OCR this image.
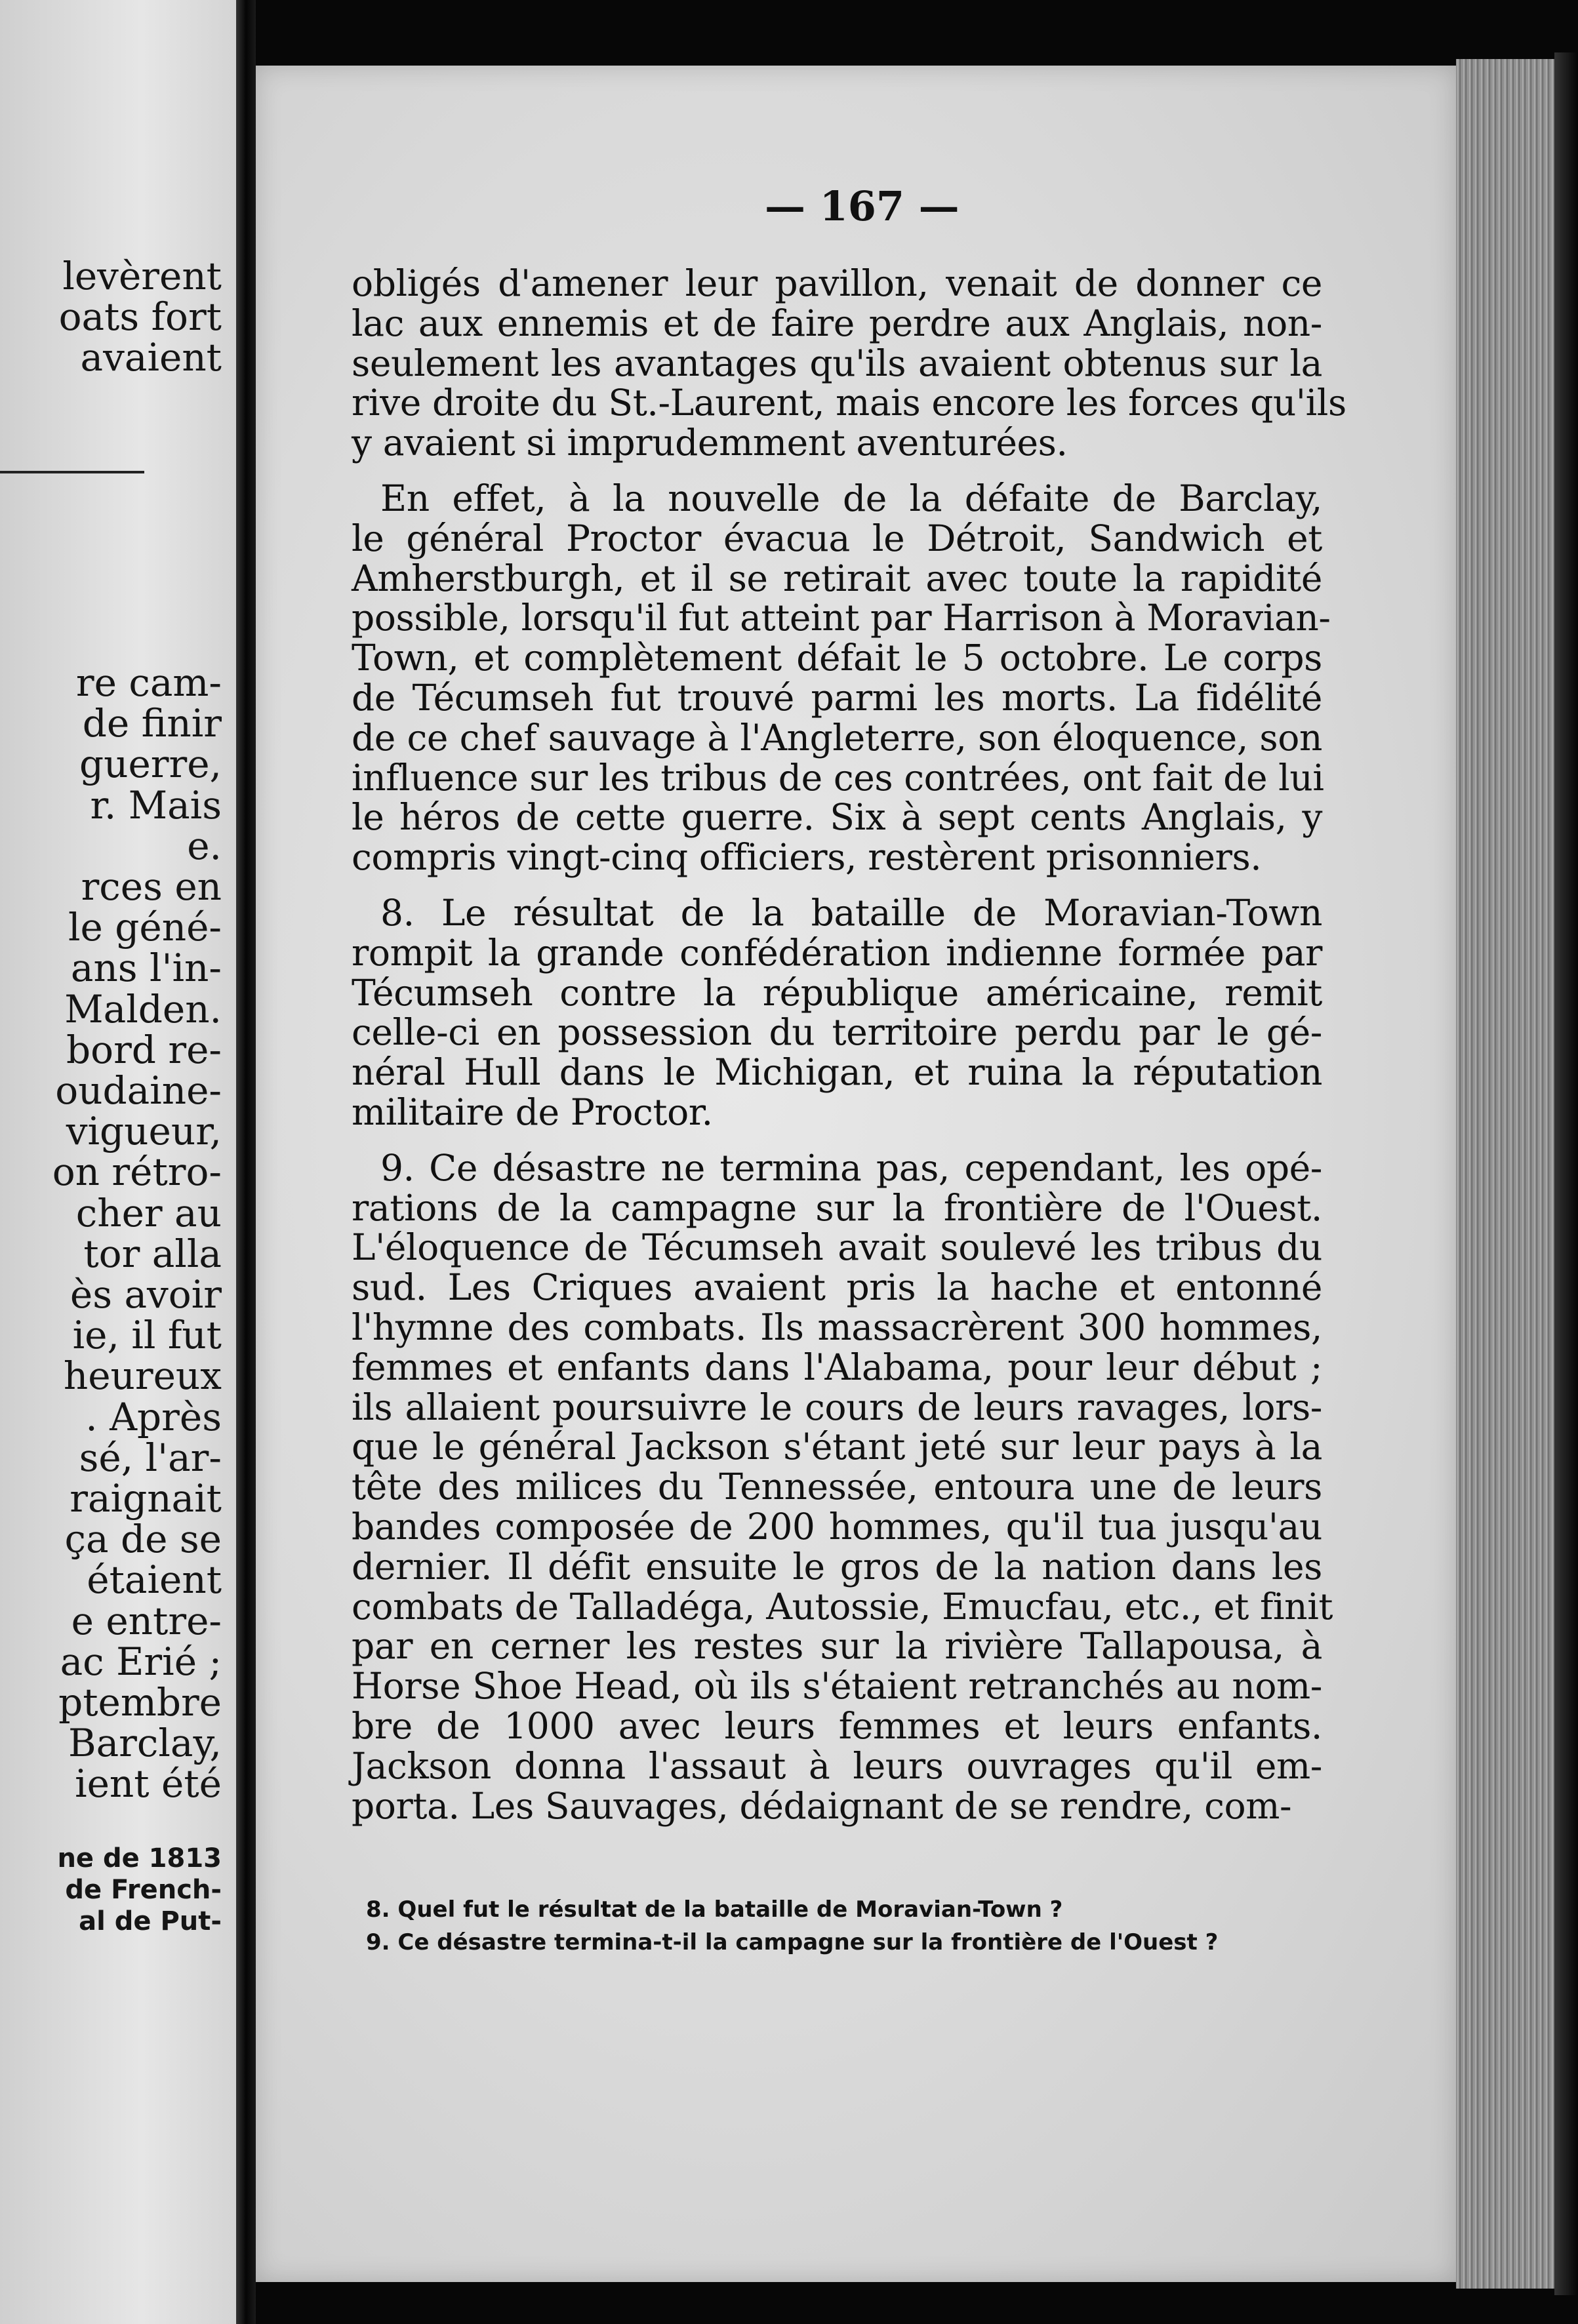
levèrent
oats fort
avaient
re cam-
de finir
guerre,
r. Mais
e.
rces en
le géné-
ans l'in-
Malden.
bord re-
oudaine-
vigueur,
on rétro-
cher au
tor alla
ès avoir
ie, il fut
heureux
. Après
sé, l'ar-
raignait
ça de se
étaient
e entre-
ac Erié ;
ptembre
Barclay,
ient été
ne de 1813
de French-
al de Put-
— 167 —
obligés d'amener leur pavillon, venait de donner ce
lac aux ennemis et de faire perdre aux Anglais, non-
seulement les avantages qu'ils avaient obtenus sur la
rive droite du St.-Laurent, mais encore les forces qu'ils
y avaient si imprudemment aventurées.
En effet, à la nouvelle de la défaite de Barclay,
le général Proctor évacua le Détroit, Sandwich et
Amherstburgh, et il se retirait avec toute la rapidité
possible, lorsqu'il fut atteint par Harrison à Moravian-
Town, et complètement défait le 5 octobre. Le corps
de Técumseh fut trouvé parmi les morts. La fidélité
de ce chef sauvage à l'Angleterre, son éloquence, son
influence sur les tribus de ces contrées, ont fait de lui
le héros de cette guerre. Six à sept cents Anglais, y
compris vingt-cinq officiers, restèrent prisonniers.
8. Le résultat de la bataille de Moravian-Town
rompit la grande confédération indienne formée par
Técumseh contre la république américaine, remit
celle-ci en possession du territoire perdu par le gé-
néral Hull dans le Michigan, et ruina la réputation
militaire de Proctor.
9. Ce désastre ne termina pas, cependant, les opé-
rations de la campagne sur la frontière de l'Ouest.
L'éloquence de Técumseh avait soulevé les tribus du
sud. Les Criques avaient pris la hache et entonné
l'hymne des combats. Ils massacrèrent 300 hommes,
femmes et enfants dans l'Alabama, pour leur début ;
ils allaient poursuivre le cours de leurs ravages, lors-
que le général Jackson s'étant jeté sur leur pays à la
tête des milices du Tennessée, entoura une de leurs
bandes composée de 200 hommes, qu'il tua jusqu'au
dernier. Il défit ensuite le gros de la nation dans les
combats de Talladéga, Autossie, Emucfau, etc., et finit
par en cerner les restes sur la rivière Tallapousa, à
Horse Shoe Head, où ils s'étaient retranchés au nom-
bre de 1000 avec leurs femmes et leurs enfants.
Jackson donna l'assaut à leurs ouvrages qu'il em-
porta. Les Sauvages, dédaignant de se rendre, com-
8. Quel fut le résultat de la bataille de Moravian-Town ?
9. Ce désastre termina-t-il la campagne sur la frontière de l'Ouest ?
